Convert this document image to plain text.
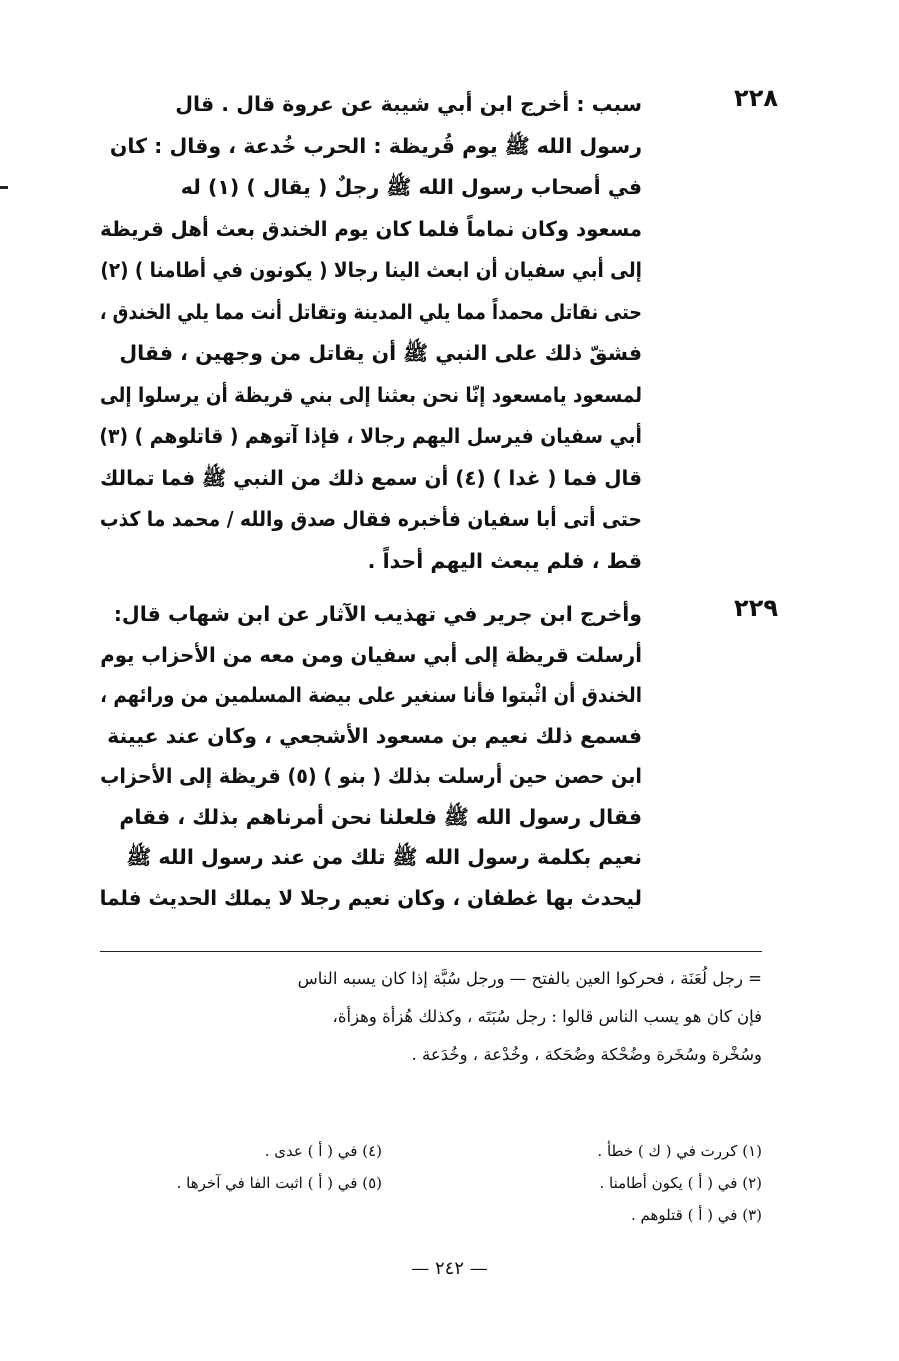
٢٢٨
سبب : أخرج ابن أبي شيبة عن عروة قال . قال
رسول الله ﷺ يوم قُريظة : الحرب خُدعة ، وقال : كان
في أصحاب رسول الله ﷺ رجلٌ ( يقال ) (١) له
مسعود وكان نماماً فلما كان يوم الخندق بعث أهل قريظة
إلى أبي سفيان أن ابعث الينا رجالا ( يكونون في أطامنا ) (٢)
حتى نقاتل محمداً مما يلي المدينة وتقاتل أنت مما يلي الخندق ،
فشقّ ذلك على النبي ﷺ أن يقاتل من وجهين ، فقال
لمسعود يامسعود إنّا نحن بعثنا إلى بني قريظة أن يرسلوا إلى
أبي سفيان فيرسل اليهم رجالا ، فإذا آتوهم ( قاتلوهم ) (٣)
قال فما ( غدا ) (٤) أن سمع ذلك من النبي ﷺ فما تمالك
حتى أتى أبا سفيان فأخبره فقال صدق والله / محمد ما كذب
قط ، فلم يبعث اليهم أحداً .
٢٢٩
وأخرج ابن جرير في تهذيب الآثار عن ابن شهاب قال:
أرسلت قريظة إلى أبي سفيان ومن معه من الأحزاب يوم
الخندق أن اثْبتوا فأنا سنغير على بيضة المسلمين من ورائهم ،
فسمع ذلك نعيم بن مسعود الأشجعي ، وكان عند عيينة
ابن حصن حين أرسلت بذلك ( بنو ) (٥) قريظة إلى الأحزاب
فقال رسول الله ﷺ فلعلنا نحن أمرناهم بذلك ، فقام
نعيم بكلمة رسول الله ﷺ تلك من عند رسول الله ﷺ
ليحدث بها غطفان ، وكان نعيم رجلا لا يملك الحديث فلما
= رجل لُعَنَة ، فحركوا العين بالفتح — ورجل سُبَّة إذا كان يسبه الناس
فإن كان هو يسب الناس قالوا : رجل سُبَتَه ، وكذلك هُزأة وهزأة،
وسُخْرة وسُخَرة وضُحْكة وضُحَكة ، وخُدْعة ، وخُدَعة .
(١) كررت في ( ك ) خطأ .
(٢) في ( أ ) يكون أطامنا .
(٣) في ( أ ) قتلوهم .
(٤) في ( أ ) عدى .
(٥) في ( أ ) اثبت الفا في آخرها .
— ٢٤٢ —
